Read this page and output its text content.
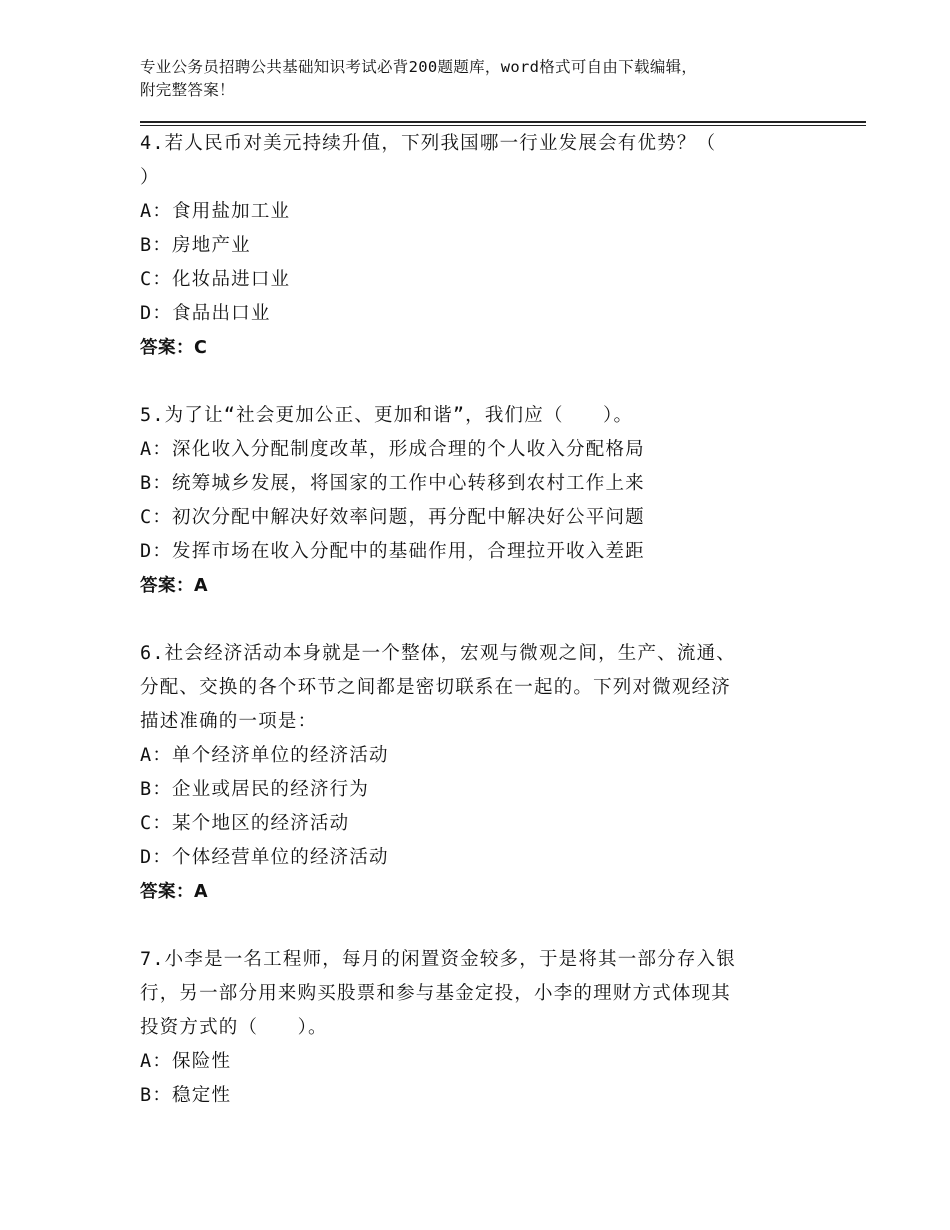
专业公务员招聘公共基础知识考试必背200题题库，word格式可自由下载编辑，
附完整答案！
4.若人民币对美元持续升值，下列我国哪一行业发展会有优势？（
）
A：食用盐加工业
B：房地产业
C：化妆品进口业
D：食品出口业
答案：C
5.为了让“社会更加公正、更加和谐”，我们应（　　）。
A：深化收入分配制度改革，形成合理的个人收入分配格局
B：统筹城乡发展，将国家的工作中心转移到农村工作上来
C：初次分配中解决好效率问题，再分配中解决好公平问题
D：发挥市场在收入分配中的基础作用，合理拉开收入差距
答案：A
6.社会经济活动本身就是一个整体，宏观与微观之间，生产、流通、
分配、交换的各个环节之间都是密切联系在一起的。下列对微观经济
描述准确的一项是：
A：单个经济单位的经济活动
B：企业或居民的经济行为
C：某个地区的经济活动
D：个体经营单位的经济活动
答案：A
7.小李是一名工程师，每月的闲置资金较多，于是将其一部分存入银
行，另一部分用来购买股票和参与基金定投，小李的理财方式体现其
投资方式的（　　）。
A：保险性
B：稳定性
